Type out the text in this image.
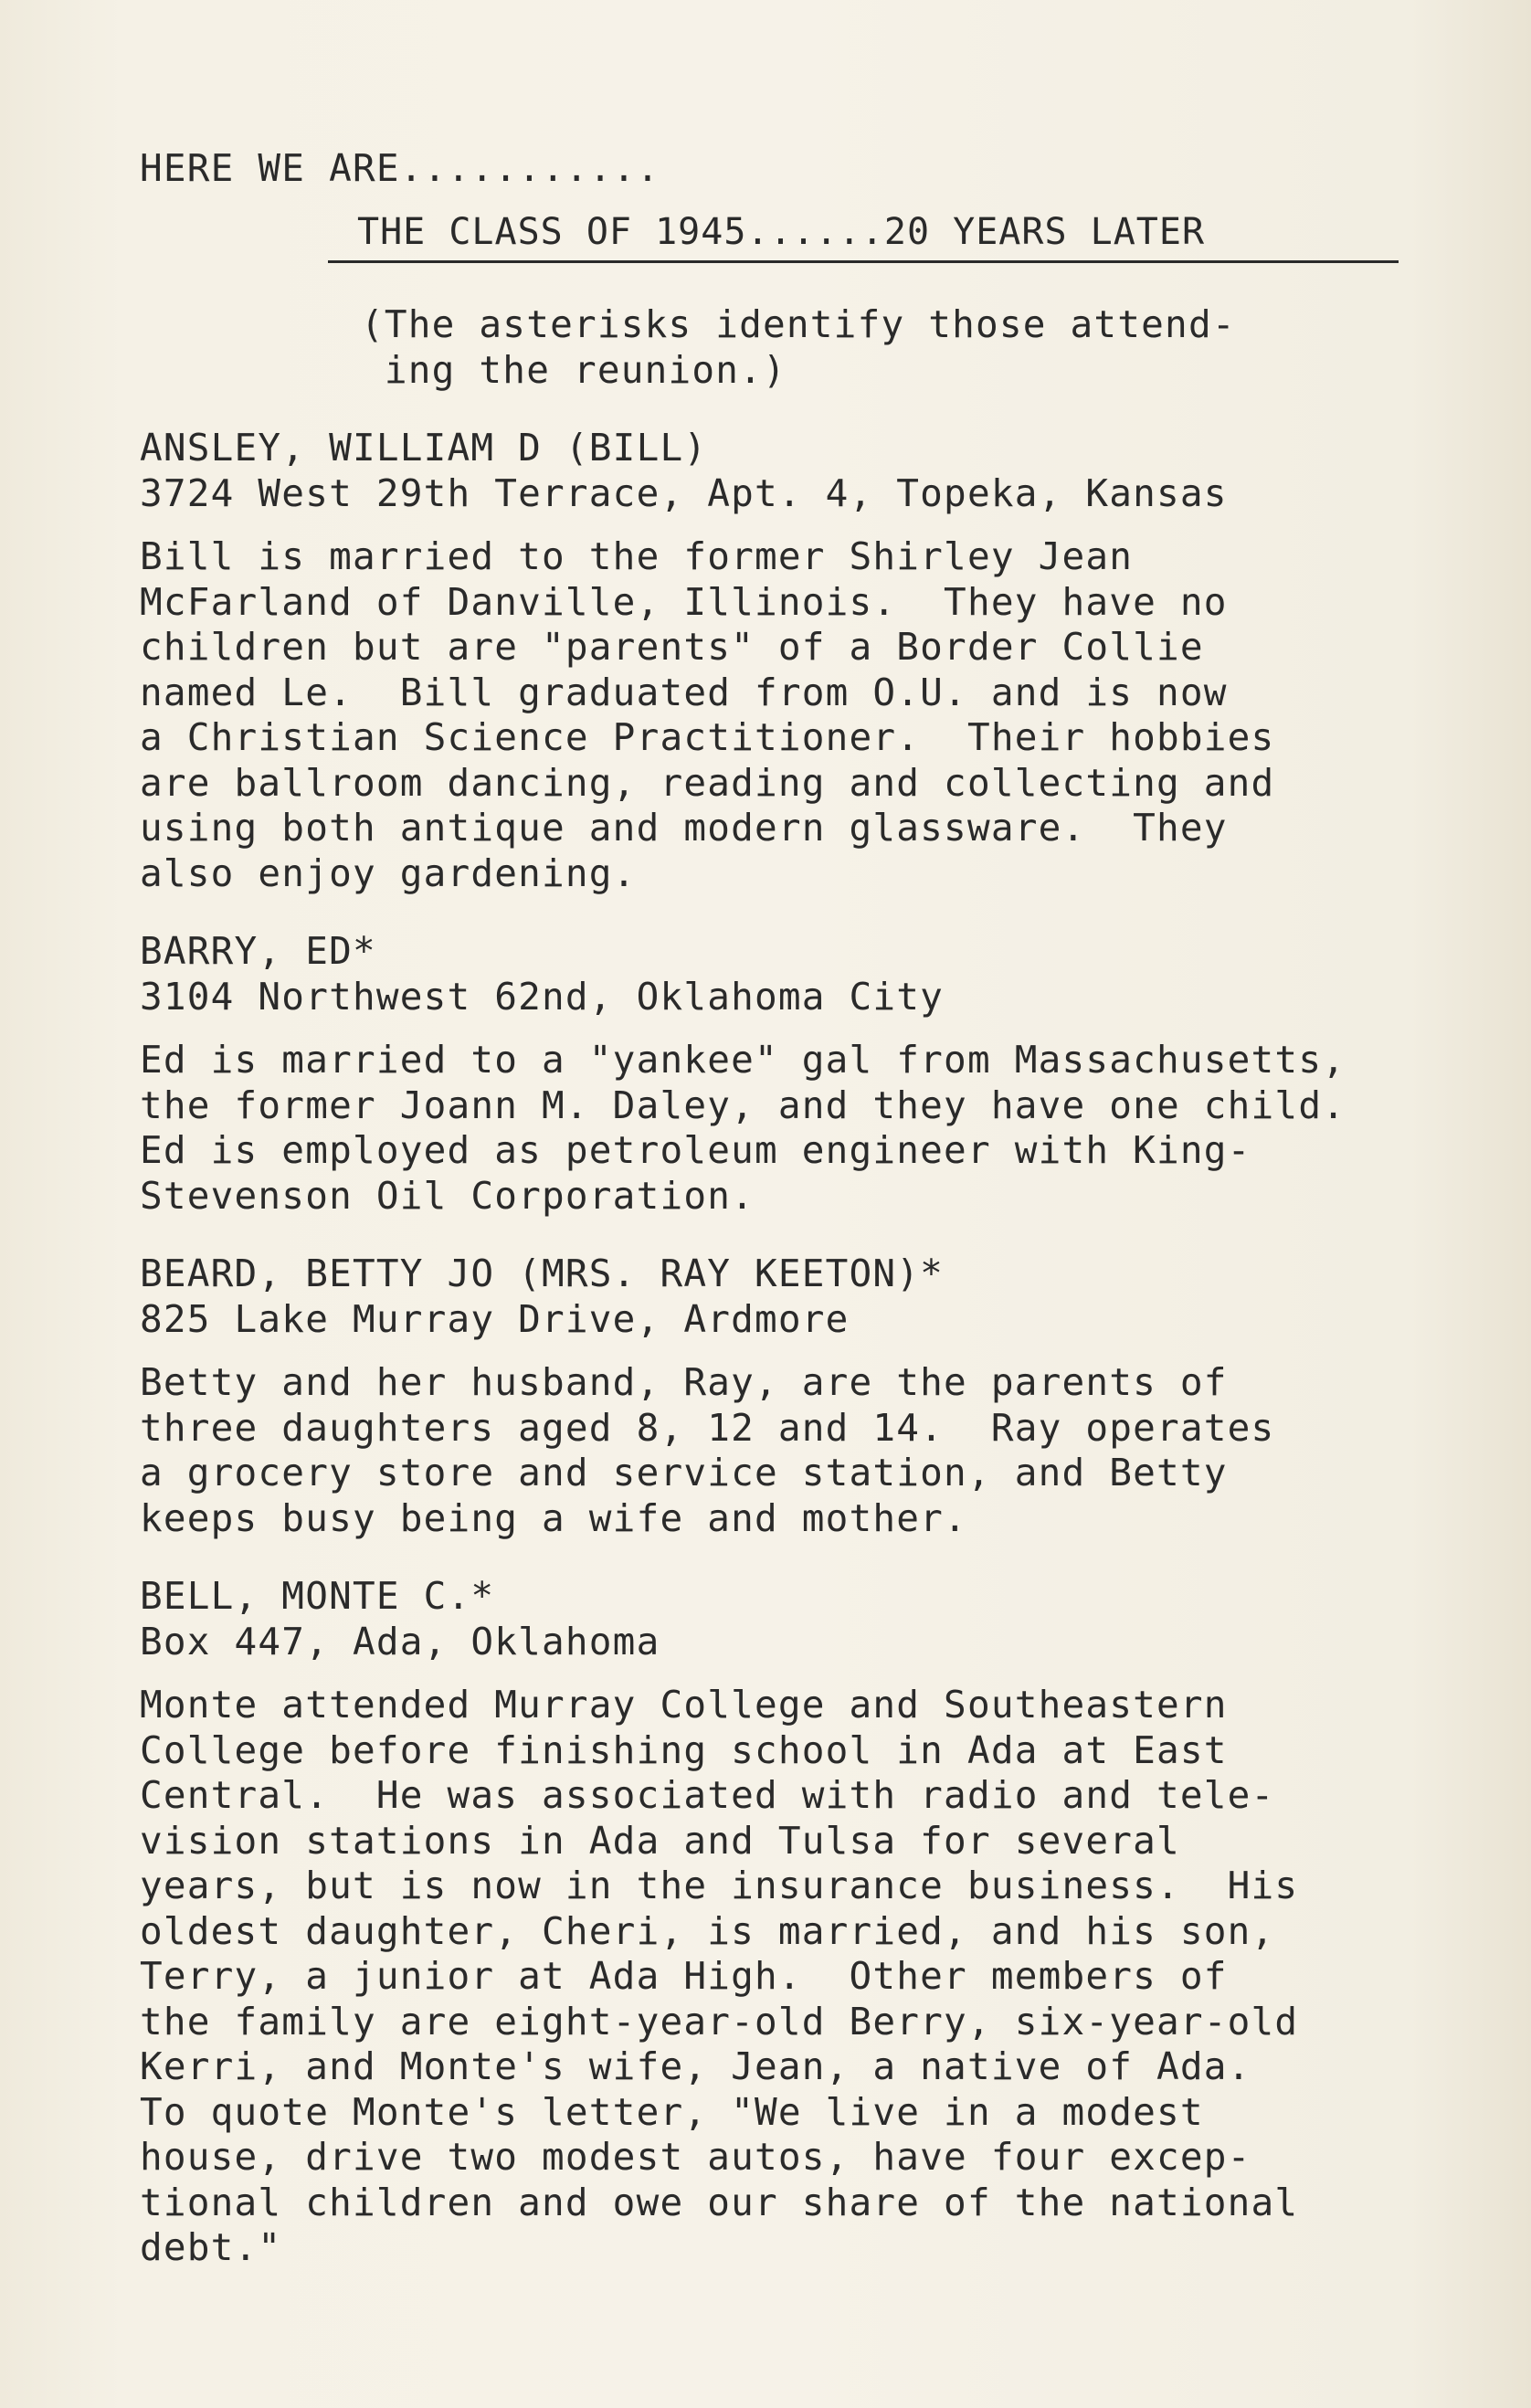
HERE WE ARE...........
THE CLASS OF 1945......20 YEARS LATER
(The asterisks identify those attend-
ing the reunion.)
ANSLEY, WILLIAM D (BILL)
3724 West 29th Terrace, Apt. 4, Topeka, Kansas
Bill is married to the former Shirley Jean
McFarland of Danville, Illinois.  They have no
children but are "parents" of a Border Collie
named Le.  Bill graduated from O.U. and is now
a Christian Science Practitioner.  Their hobbies
are ballroom dancing, reading and collecting and
using both antique and modern glassware.  They
also enjoy gardening.
BARRY, ED*
3104 Northwest 62nd, Oklahoma City
Ed is married to a "yankee" gal from Massachusetts,
the former Joann M. Daley, and they have one child.
Ed is employed as petroleum engineer with King-
Stevenson Oil Corporation.
BEARD, BETTY JO (MRS. RAY KEETON)*
825 Lake Murray Drive, Ardmore
Betty and her husband, Ray, are the parents of
three daughters aged 8, 12 and 14.  Ray operates
a grocery store and service station, and Betty
keeps busy being a wife and mother.
BELL, MONTE C.*
Box 447, Ada, Oklahoma
Monte attended Murray College and Southeastern
College before finishing school in Ada at East
Central.  He was associated with radio and tele-
vision stations in Ada and Tulsa for several
years, but is now in the insurance business.  His
oldest daughter, Cheri, is married, and his son,
Terry, a junior at Ada High.  Other members of
the family are eight-year-old Berry, six-year-old
Kerri, and Monte's wife, Jean, a native of Ada.
To quote Monte's letter, "We live in a modest
house, drive two modest autos, have four excep-
tional children and owe our share of the national
debt."
